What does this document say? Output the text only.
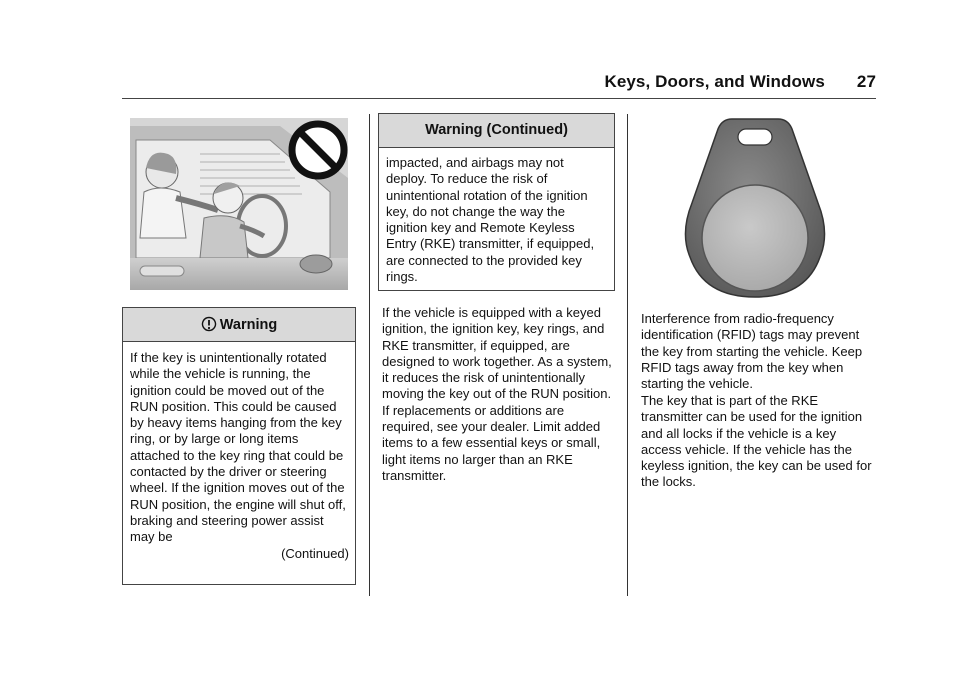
Keys, Doors, and Windows 27
Warning
If the key is unintentionally rotated while the vehicle is running, the ignition could be moved out of the RUN position. This could be caused by heavy items hanging from the key ring, or by large or long items attached to the key ring that could be contacted by the driver or steering wheel. If the ignition moves out of the RUN position, the engine will shut off, braking and steering power assist may be
(Continued)
Warning (Continued)
impacted, and airbags may not deploy. To reduce the risk of unintentional rotation of the ignition key, do not change the way the ignition key and Remote Keyless Entry (RKE) transmitter, if equipped, are connected to the provided key rings.
If the vehicle is equipped with a keyed ignition, the ignition key, key rings, and RKE transmitter, if equipped, are designed to work together. As a system, it reduces the risk of unintentionally moving the key out of the RUN position. If replacements or additions are required, see your dealer. Limit added items to a few essential keys or small, light items no larger than an RKE transmitter.
Interference from radio-frequency identification (RFID) tags may prevent the key from starting the vehicle. Keep RFID tags away from the key when starting the vehicle.
The key that is part of the RKE transmitter can be used for the ignition and all locks if the vehicle is a key access vehicle. If the vehicle has the keyless ignition, the key can be used for the locks.
